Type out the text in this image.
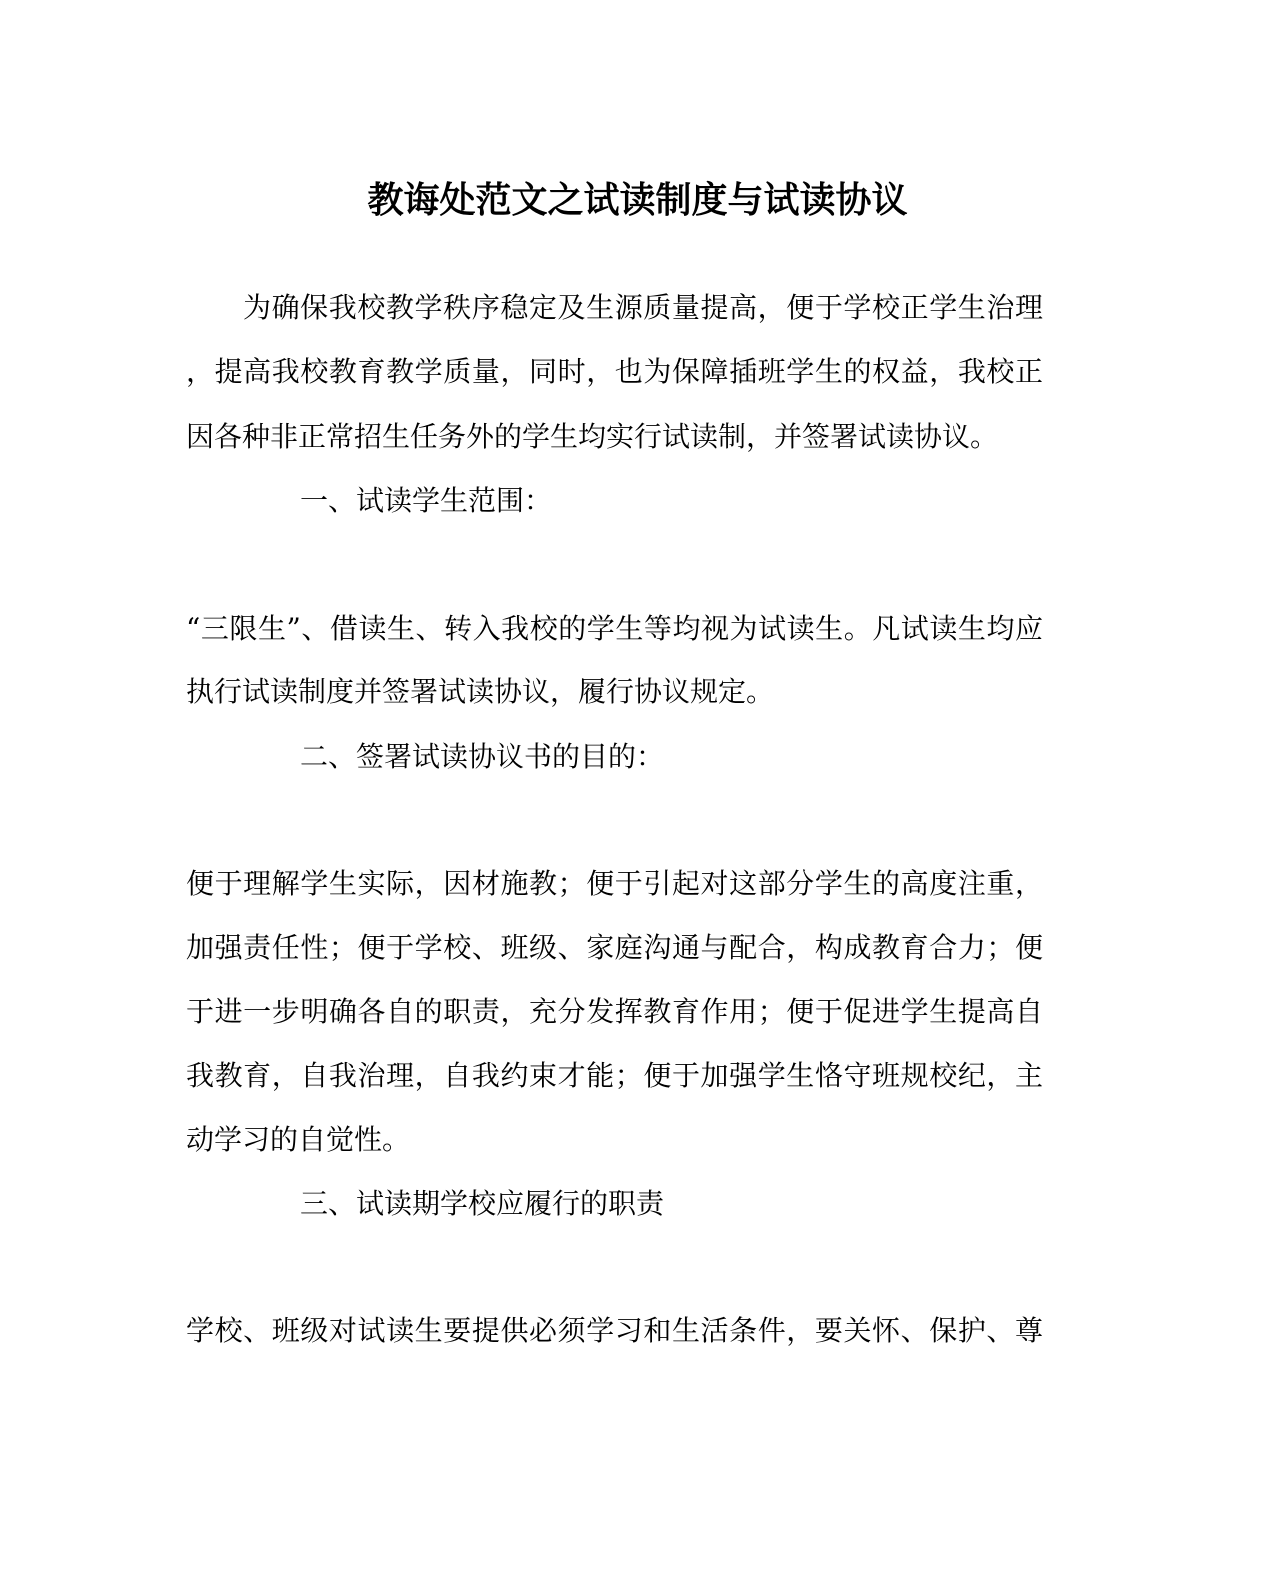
教诲处范文之试读制度与试读协议
为确保我校教学秩序稳定及生源质量提高，便于学校正学生治理
，提高我校教育教学质量，同时，也为保障插班学生的权益，我校正
因各种非正常招生任务外的学生均实行试读制，并签署试读协议。
一、试读学生范围：
“三限生”、借读生、转入我校的学生等均视为试读生。凡试读生均应
执行试读制度并签署试读协议，履行协议规定。
二、签署试读协议书的目的：
便于理解学生实际，因材施教；便于引起对这部分学生的高度注重，
加强责任性；便于学校、班级、家庭沟通与配合，构成教育合力；便
于进一步明确各自的职责，充分发挥教育作用；便于促进学生提高自
我教育，自我治理，自我约束才能；便于加强学生恪守班规校纪，主
动学习的自觉性。
三、试读期学校应履行的职责
学校、班级对试读生要提供必须学习和生活条件，要关怀、保护、尊
